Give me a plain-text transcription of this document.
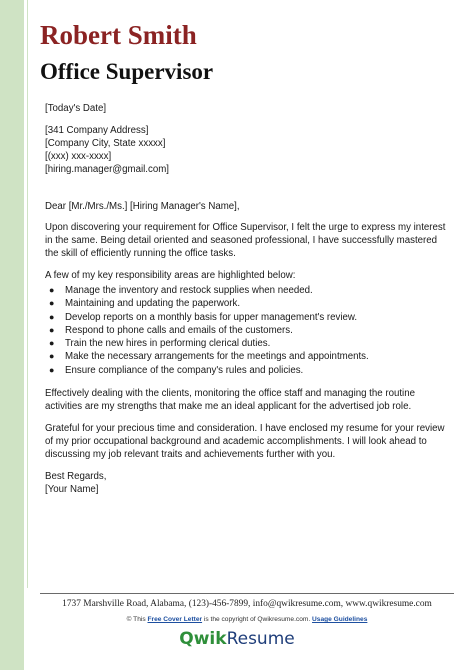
Robert Smith
Office Supervisor

[Today's Date]

[341 Company Address]

[Company City, State xxxxx]

[(xxx) xxx-xxxx]

[hiring.manager@gmail.com]

Dear [Mr./Mrs./Ms.] [Hiring Manager's Name],

Upon discovering your requirement for Office Supervisor, I felt the urge to express my interest in the same. Being detail oriented and seasoned professional, I have successfully mastered the skill of efficiently running the office tasks.

A few of my key responsibility areas are highlighted below:

● Manage the inventory and restock supplies when needed.
● Maintaining and updating the paperwork.
● Develop reports on a monthly basis for upper management's review.
● Respond to phone calls and emails of the customers.
● Train the new hires in performing clerical duties.
● Make the necessary arrangements for the meetings and appointments.
● Ensure compliance of the company's rules and policies.

Effectively dealing with the clients, monitoring the office staff and managing the routine activities are my strengths that make me an ideal applicant for the advertised job role.

Grateful for your precious time and consideration. I have enclosed my resume for your review of my prior occupational background and academic accomplishments. I will look ahead to discussing my job relevant traits and achievements further with you.

Best Regards,

[Your Name]

1737 Marshville Road, Alabama, (123)-456-7899, info@qwikresume.com, www.qwikresume.com
© This Free Cover Letter is the copyright of Qwikresume.com. Usage Guidelines
Q wik Resume
